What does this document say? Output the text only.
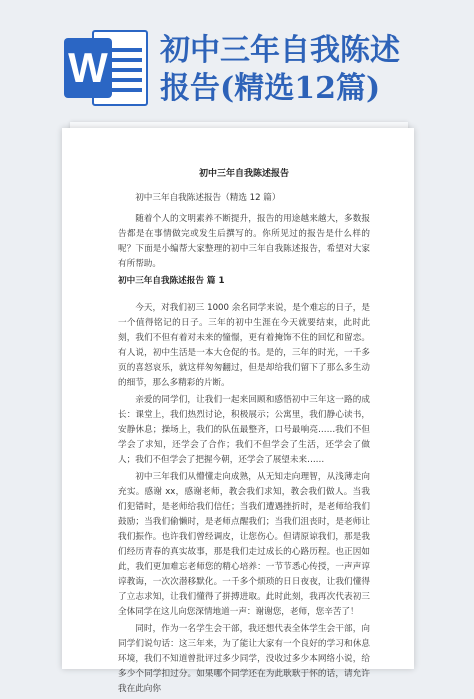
W 初中三年自我陈述
报告(精选12篇)
初中三年自我陈述报告
初中三年自我陈述报告（精选 12 篇）
随着个人的文明素养不断提升，报告的用途越来越大，多数报告都是在事情做完或发生后撰写的。你所见过的报告是什么样的呢？下面是小编帮大家整理的初中三年自我陈述报告，希望对大家有所帮助。
初中三年自我陈述报告 篇 1
今天，对我们初三 1000 余名同学来说，是个难忘的日子，是一个值得铭记的日子。三年的初中生涯在今天就要结束，此时此刻，我们不但有着对未来的憧憬，更有着掩饰不住的回忆和留恋。有人说，初中生活是一本大仓促的书。是的，三年的时光，一千多页的喜怒哀乐，就这样匆匆翻过，但是却给我们留下了那么多生动的细节，那么多精彩的片断。
亲爱的同学们，让我们一起来回顾和感悟初中三年这一路的成长：课堂上，我们热烈讨论，积极展示；公寓里，我们静心读书，安静休息；操场上，我们的队伍最整齐，口号最响亮……我们不但学会了求知，还学会了合作；我们不但学会了生活，还学会了做人；我们不但学会了把握今朝，还学会了展望未来……
初中三年我们从懵懂走向成熟，从无知走向理智，从浅薄走向充实。感谢 xx，感谢老师，教会我们求知，教会我们做人。当我们犯错时，是老师给我们信任；当我们遭遇挫折时，是老师给我们鼓励；当我们偷懒时，是老师点醒我们；当我们沮丧时，是老师让我们振作。也许我们曾经调皮，让您伤心。但请原谅我们，那是我们经历青春的真实故事，那是我们走过成长的心路历程。也正因如此，我们更加难忘老师您的精心培养：一节节悉心传授，一声声谆谆教诲，一次次潜移默化。一千多个烦琐的日日夜夜，让我们懂得了立志求知，让我们懂得了拼搏进取。此时此刻，我再次代表初三全体同学在这儿向您深情地道一声：谢谢您，老师，您辛苦了！
同时，作为一名学生会干部，我还想代表全体学生会干部，向同学们说句话：这三年来，为了能让大家有一个良好的学习和休息环境，我们不知道曾批评过多少同学，没收过多少本网络小说，给多少个同学扣过分。如果哪个同学还在为此耿耿于怀的话，请允许我在此向你
